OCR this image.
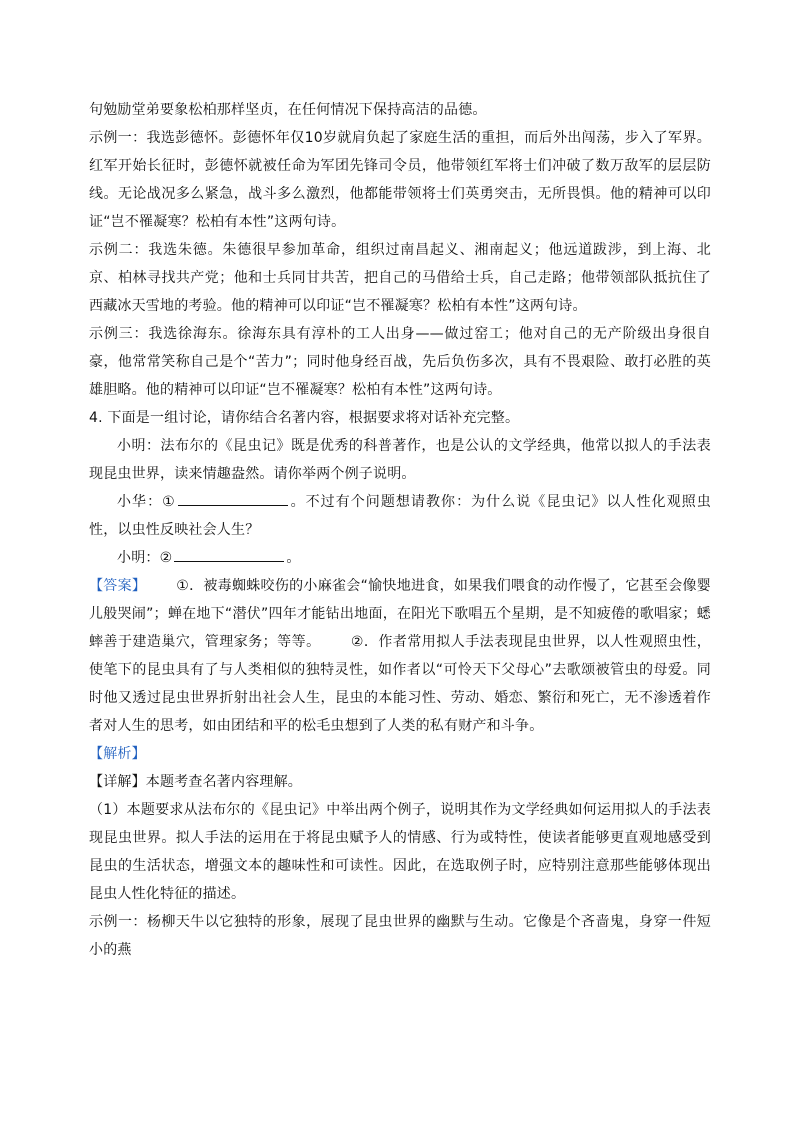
句勉励堂弟要象松柏那样坚贞，在任何情况下保持高洁的品德。

示例一：我选彭德怀。彭德怀年仅10岁就肩负起了家庭生活的重担，而后外出闯荡，步入了军界。红军开始长征时，彭德怀就被任命为军团先锋司令员，他带领红军将士们冲破了数万敌军的层层防线。无论战况多么紧急，战斗多么激烈，他都能带领将士们英勇突击，无所畏惧。他的精神可以印证“岂不罹凝寒？松柏有本性”这两句诗。

示例二：我选朱德。朱德很早参加革命，组织过南昌起义、湘南起义；他远道跋涉，到上海、北京、柏林寻找共产党；他和士兵同甘共苦，把自己的马借给士兵，自己走路；他带领部队抵抗住了西藏冰天雪地的考验。他的精神可以印证“岂不罹凝寒？松柏有本性”这两句诗。

示例三：我选徐海东。徐海东具有淳朴的工人出身——做过窑工；他对自己的无产阶级出身很自豪，他常常笑称自己是个“苦力”；同时他身经百战，先后负伤多次，具有不畏艰险、敢打必胜的英雄胆略。他的精神可以印证“岂不罹凝寒？松柏有本性”这两句诗。

4. 下面是一组讨论，请你结合名著内容，根据要求将对话补充完整。

小明：法布尔的《昆虫记》既是优秀的科普著作，也是公认的文学经典，他常以拟人的手法表现昆虫世界，读来情趣盎然。请你举两个例子说明。

小华：①	。不过有个问题想请教你：为什么说《昆虫记》以人性化观照虫性，以虫性反映社会人生？

小明：②	。

【答案】 ①．被毒蜘蛛咬伤的小麻雀会“愉快地进食，如果我们喂食的动作慢了，它甚至会像婴儿般哭闹”；蝉在地下“潜伏”四年才能钻出地面，在阳光下歌唱五个星期，是不知疲倦的歌唱家；蟋蟀善于建造巢穴，管理家务；等等。 ②．作者常用拟人手法表现昆虫世界，以人性观照虫性，使笔下的昆虫具有了与人类相似的独特灵性，如作者以“可怜天下父母心”去歌颂被管虫的母爱。同时他又透过昆虫世界折射出社会人生，昆虫的本能习性、劳动、婚恋、繁衍和死亡，无不渗透着作者对人生的思考，如由团结和平的松毛虫想到了人类的私有财产和斗争。

【解析】

【详解】本题考查名著内容理解。

（1）本题要求从法布尔的《昆虫记》中举出两个例子，说明其作为文学经典如何运用拟人的手法表现昆虫世界。拟人手法的运用在于将昆虫赋予人的情感、行为或特性，使读者能够更直观地感受到昆虫的生活状态，增强文本的趣味性和可读性。因此，在选取例子时，应特别注意那些能够体现出昆虫人性化特征的描述。

示例一：杨柳天牛以它独特的形象，展现了昆虫世界的幽默与生动。它像是个吝啬鬼，身穿一件短小的燕
